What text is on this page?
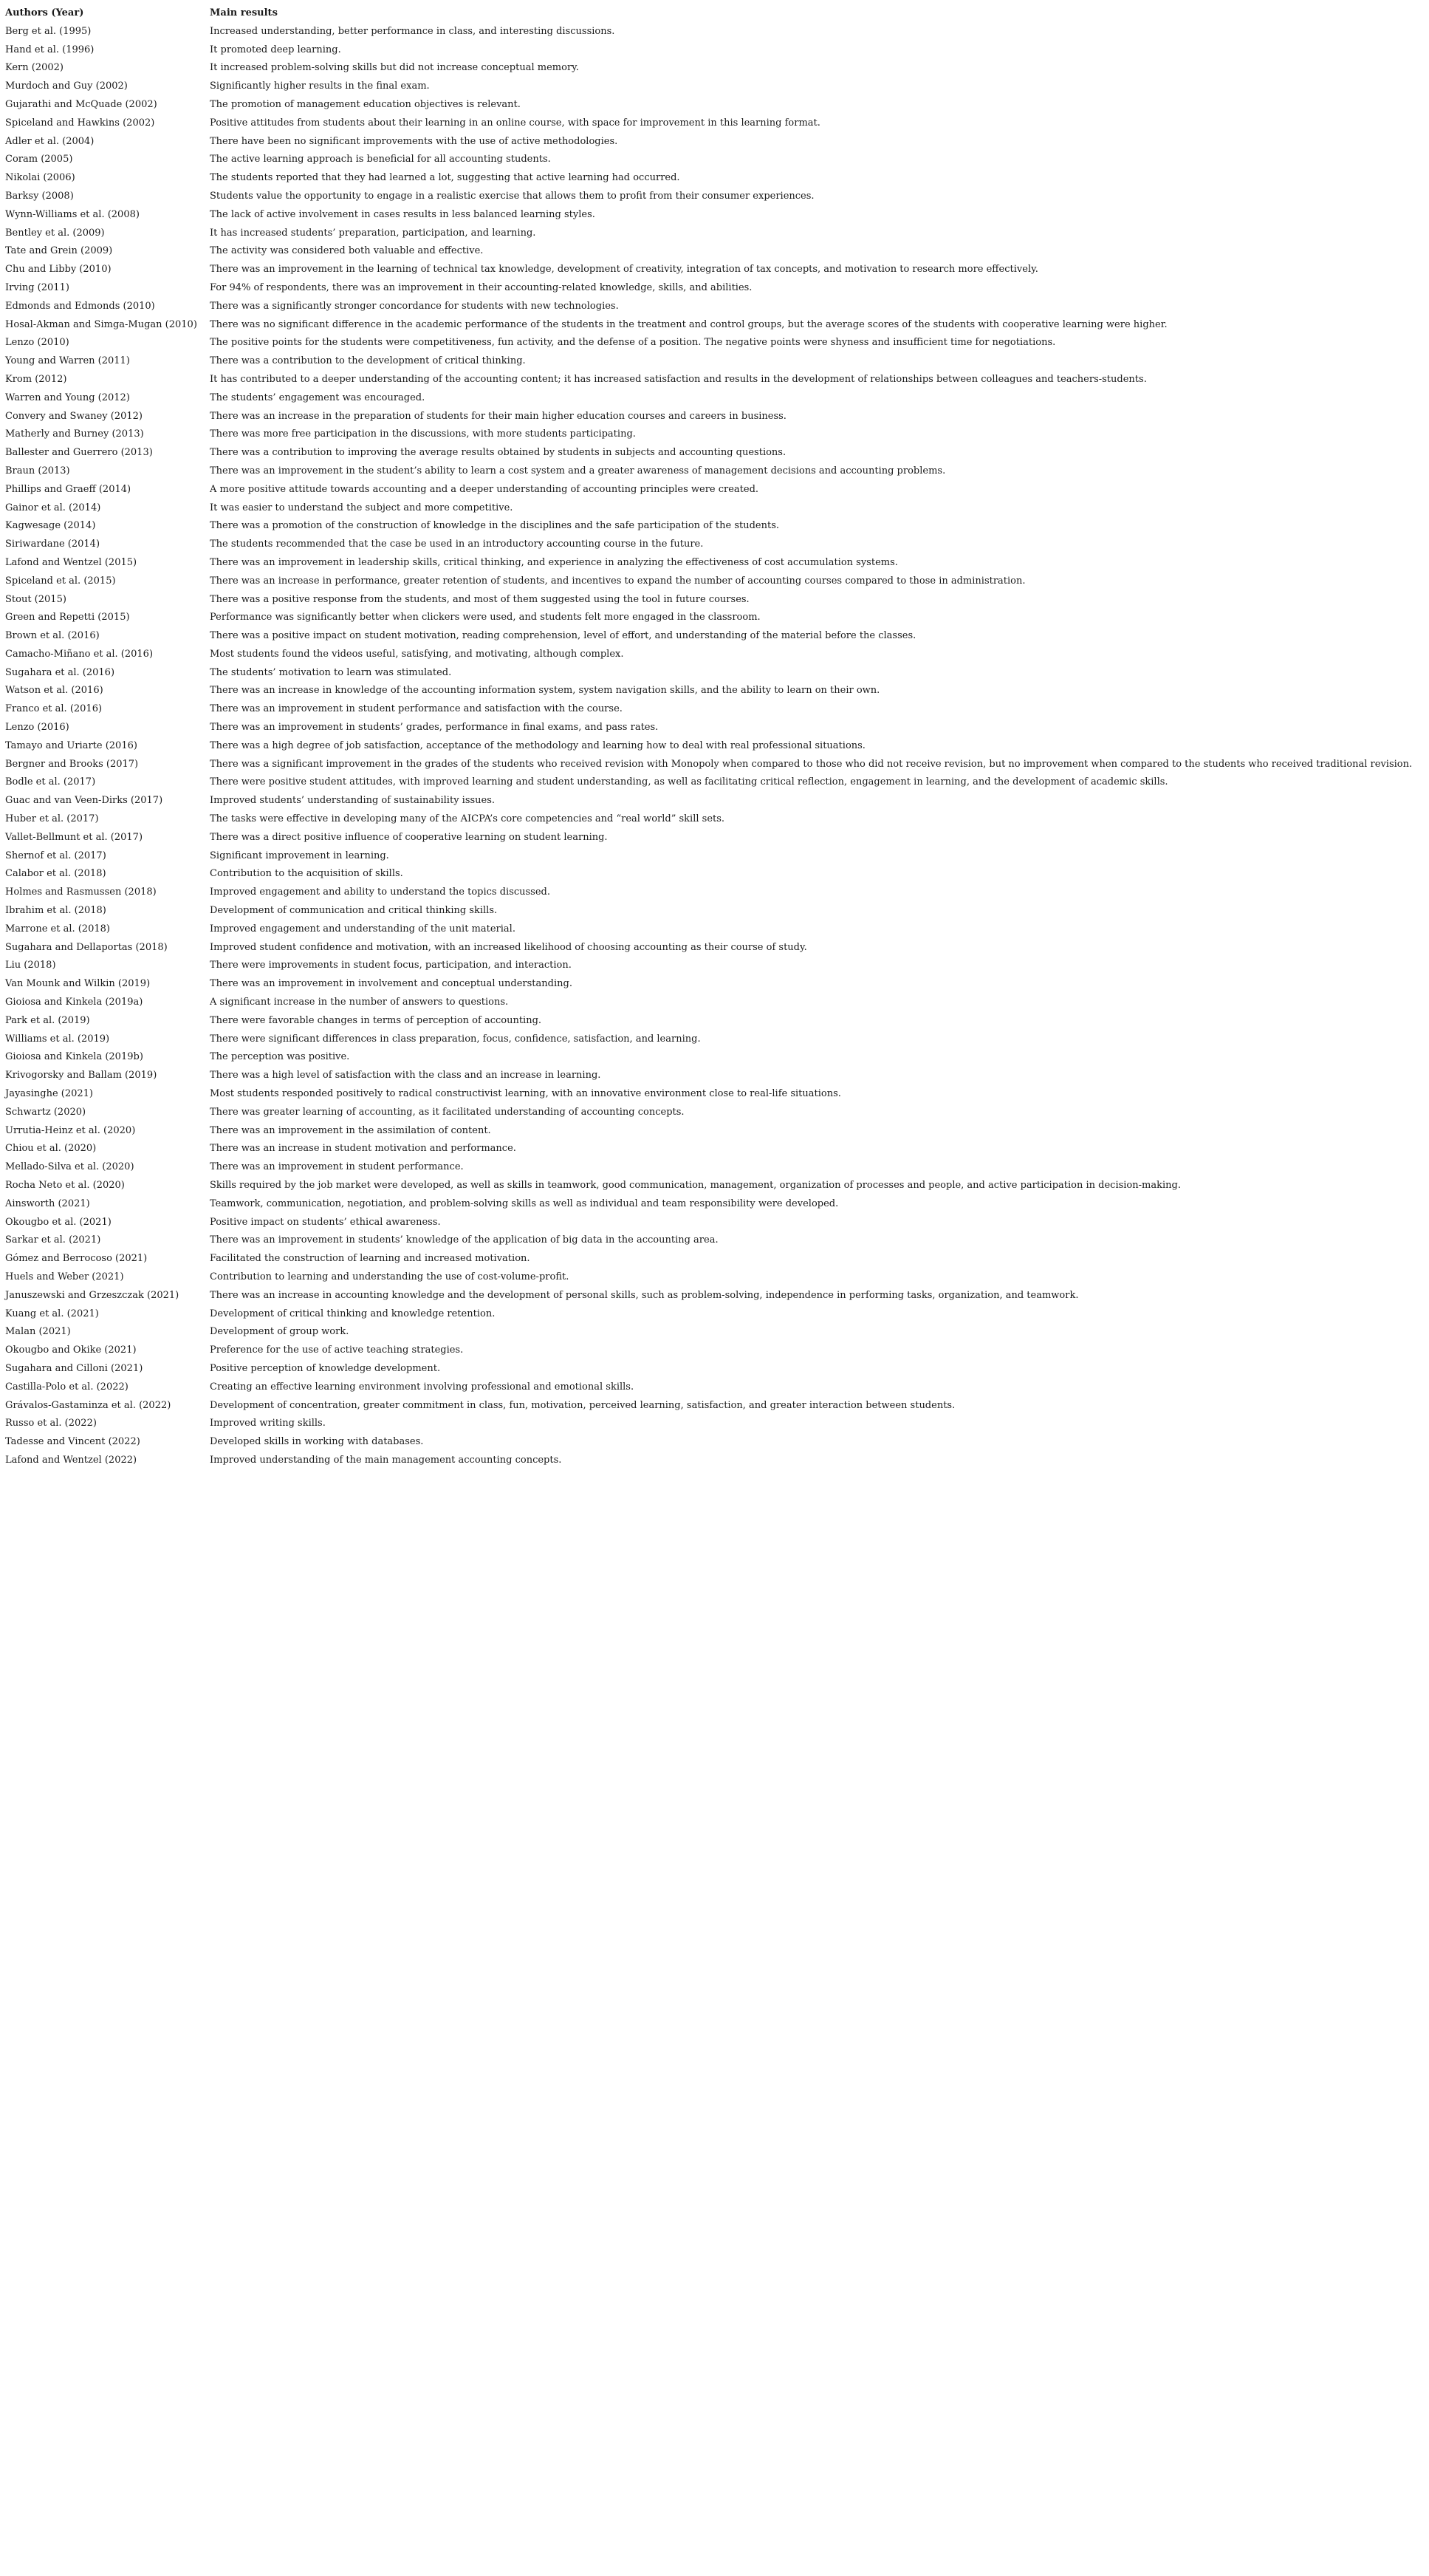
Authors (Year)	Main results
Berg et al. (1995)	Increased understanding, better performance in class, and interesting discussions.
Hand et al. (1996)	It promoted deep learning.
Kern (2002)	It increased problem-solving skills but did not increase conceptual memory.
Murdoch and Guy (2002)	Significantly higher results in the final exam.
Gujarathi and McQuade (2002)	The promotion of management education objectives is relevant.
Spiceland and Hawkins (2002)	Positive attitudes from students about their learning in an online course, with space for improvement in this learning format.
Adler et al. (2004)	There have been no significant improvements with the use of active methodologies.
Coram (2005)	The active learning approach is beneficial for all accounting students.
Nikolai (2006)	The students reported that they had learned a lot, suggesting that active learning had occurred.
Barksy (2008)	Students value the opportunity to engage in a realistic exercise that allows them to profit from their consumer experiences.
Wynn-Williams et al. (2008)	The lack of active involvement in cases results in less balanced learning styles.
Bentley et al. (2009)	It has increased students’ preparation, participation, and learning.
Tate and Grein (2009)	The activity was considered both valuable and effective.
Chu and Libby (2010)	There was an improvement in the learning of technical tax knowledge, development of creativity, integration of tax concepts, and motivation to research more effectively.
Irving (2011)	For 94% of respondents, there was an improvement in their accounting-related knowledge, skills, and abilities.
Edmonds and Edmonds (2010)	There was a significantly stronger concordance for students with new technologies.
Hosal-Akman and Simga-Mugan (2010)	There was no significant difference in the academic performance of the students in the treatment and control groups, but the average scores of the students with cooperative learning were higher.
Lenzo (2010)	The positive points for the students were competitiveness, fun activity, and the defense of a position. The negative points were shyness and insufficient time for negotiations.
Young and Warren (2011)	There was a contribution to the development of critical thinking.
Krom (2012)	It has contributed to a deeper understanding of the accounting content; it has increased satisfaction and results in the development of relationships between colleagues and teachers-students.
Warren and Young (2012)	The students’ engagement was encouraged.
Convery and Swaney (2012)	There was an increase in the preparation of students for their main higher education courses and careers in business.
Matherly and Burney (2013)	There was more free participation in the discussions, with more students participating.
Ballester and Guerrero (2013)	There was a contribution to improving the average results obtained by students in subjects and accounting questions.
Braun (2013)	There was an improvement in the student’s ability to learn a cost system and a greater awareness of management decisions and accounting problems.
Phillips and Graeff (2014)	A more positive attitude towards accounting and a deeper understanding of accounting principles were created.
Gainor et al. (2014)	It was easier to understand the subject and more competitive.
Kagwesage (2014)	There was a promotion of the construction of knowledge in the disciplines and the safe participation of the students.
Siriwardane (2014)	The students recommended that the case be used in an introductory accounting course in the future.
Lafond and Wentzel (2015)	There was an improvement in leadership skills, critical thinking, and experience in analyzing the effectiveness of cost accumulation systems.
Spiceland et al. (2015)	There was an increase in performance, greater retention of students, and incentives to expand the number of accounting courses compared to those in administration.
Stout (2015)	There was a positive response from the students, and most of them suggested using the tool in future courses.
Green and Repetti (2015)	Performance was significantly better when clickers were used, and students felt more engaged in the classroom.
Brown et al. (2016)	There was a positive impact on student motivation, reading comprehension, level of effort, and understanding of the material before the classes.
Camacho-Miñano et al. (2016)	Most students found the videos useful, satisfying, and motivating, although complex.
Sugahara et al. (2016)	The students’ motivation to learn was stimulated.
Watson et al. (2016)	There was an increase in knowledge of the accounting information system, system navigation skills, and the ability to learn on their own.
Franco et al. (2016)	There was an improvement in student performance and satisfaction with the course.
Lenzo (2016)	There was an improvement in students’ grades, performance in final exams, and pass rates.
Tamayo and Uriarte (2016)	There was a high degree of job satisfaction, acceptance of the methodology and learning how to deal with real professional situations.
Bergner and Brooks (2017)	There was a significant improvement in the grades of the students who received revision with Monopoly when compared to those who did not receive revision, but no improvement when compared to the students who received traditional revision.
Bodle et al. (2017)	There were positive student attitudes, with improved learning and student understanding, as well as facilitating critical reflection, engagement in learning, and the development of academic skills.
Guac and van Veen-Dirks (2017)	Improved students’ understanding of sustainability issues.
Huber et al. (2017)	The tasks were effective in developing many of the AICPA’s core competencies and “real world” skill sets.
Vallet-Bellmunt et al. (2017)	There was a direct positive influence of cooperative learning on student learning.
Shernof et al. (2017)	Significant improvement in learning.
Calabor et al. (2018)	Contribution to the acquisition of skills.
Holmes and Rasmussen (2018)	Improved engagement and ability to understand the topics discussed.
Ibrahim et al. (2018)	Development of communication and critical thinking skills.
Marrone et al. (2018)	Improved engagement and understanding of the unit material.
Sugahara and Dellaportas (2018)	Improved student confidence and motivation, with an increased likelihood of choosing accounting as their course of study.
Liu (2018)	There were improvements in student focus, participation, and interaction.
Van Mounk and Wilkin (2019)	There was an improvement in involvement and conceptual understanding.
Gioiosa and Kinkela (2019a)	A significant increase in the number of answers to questions.
Park et al. (2019)	There were favorable changes in terms of perception of accounting.
Williams et al. (2019)	There were significant differences in class preparation, focus, confidence, satisfaction, and learning.
Gioiosa and Kinkela (2019b)	The perception was positive.
Krivogorsky and Ballam (2019)	There was a high level of satisfaction with the class and an increase in learning.
Jayasinghe (2021)	Most students responded positively to radical constructivist learning, with an innovative environment close to real-life situations.
Schwartz (2020)	There was greater learning of accounting, as it facilitated understanding of accounting concepts.
Urrutia-Heinz et al. (2020)	There was an improvement in the assimilation of content.
Chiou et al. (2020)	There was an increase in student motivation and performance.
Mellado-Silva et al. (2020)	There was an improvement in student performance.
Rocha Neto et al. (2020)	Skills required by the job market were developed, as well as skills in teamwork, good communication, management, organization of processes and people, and active participation in decision-making.
Ainsworth (2021)	Teamwork, communication, negotiation, and problem-solving skills as well as individual and team responsibility were developed.
Okougbo et al. (2021)	Positive impact on students’ ethical awareness.
Sarkar et al. (2021)	There was an improvement in students’ knowledge of the application of big data in the accounting area.
Gómez and Berrocoso (2021)	Facilitated the construction of learning and increased motivation.
Huels and Weber (2021)	Contribution to learning and understanding the use of cost-volume-profit.
Januszewski and Grzeszczak (2021)	There was an increase in accounting knowledge and the development of personal skills, such as problem-solving, independence in performing tasks, organization, and teamwork.
Kuang et al. (2021)	Development of critical thinking and knowledge retention.
Malan (2021)	Development of group work.
Okougbo and Okike (2021)	Preference for the use of active teaching strategies.
Sugahara and Cilloni (2021)	Positive perception of knowledge development.
Castilla-Polo et al. (2022)	Creating an effective learning environment involving professional and emotional skills.
Grávalos-Gastaminza et al. (2022)	Development of concentration, greater commitment in class, fun, motivation, perceived learning, satisfaction, and greater interaction between students.
Russo et al. (2022)	Improved writing skills.
Tadesse and Vincent (2022)	Developed skills in working with databases.
Lafond and Wentzel (2022)	Improved understanding of the main management accounting concepts.
